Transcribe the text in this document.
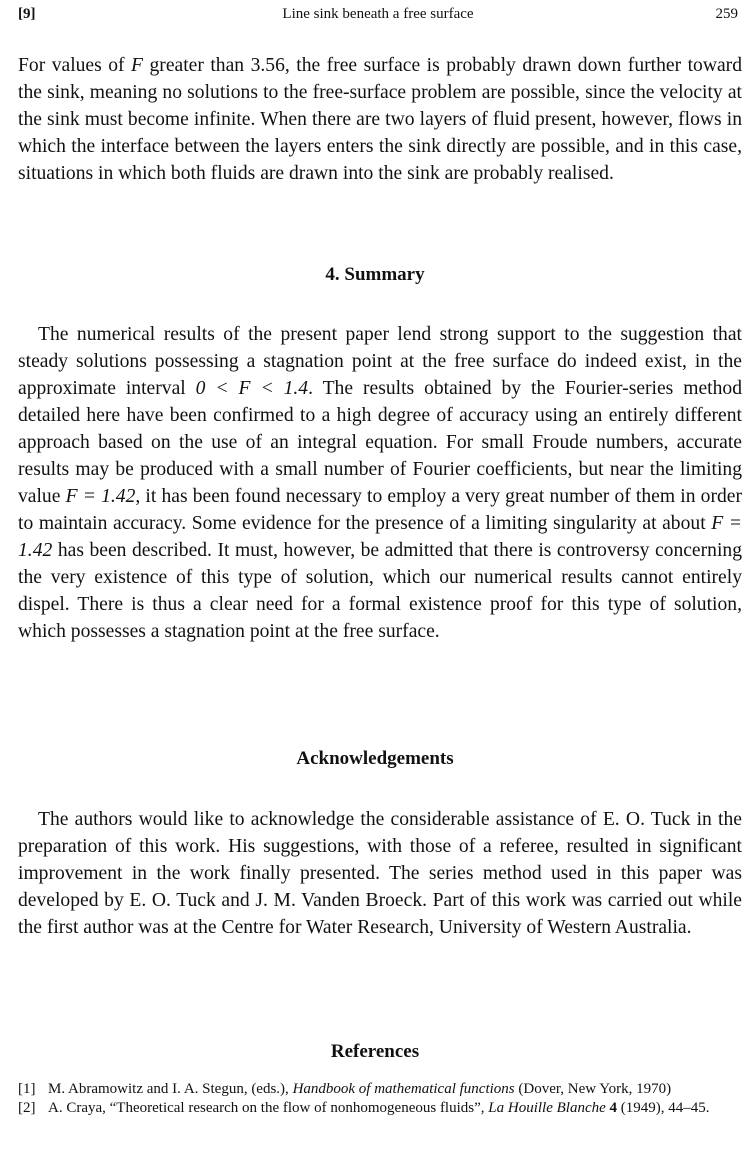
Line sink beneath a free surface
[9]	259

For values of F greater than 3.56, the free surface is probably drawn down further toward the sink, meaning no solutions to the free-surface problem are possible, since the velocity at the sink must become infinite. When there are two layers of fluid present, however, flows in which the interface between the layers enters the sink directly are possible, and in this case, situations in which both fluids are drawn into the sink are probably realised.

4. Summary

The numerical results of the present paper lend strong support to the suggestion that steady solutions possessing a stagnation point at the free surface do indeed exist, in the approximate interval 0 < F < 1.4. The results obtained by the Fourier-series method detailed here have been confirmed to a high degree of accuracy using an entirely different approach based on the use of an integral equation. For small Froude numbers, accurate results may be produced with a small number of Fourier coefficients, but near the limiting value F = 1.42, it has been found necessary to employ a very great number of them in order to maintain accuracy. Some evidence for the presence of a limiting singularity at about F = 1.42 has been described. It must, however, be admitted that there is controversy concerning the very existence of this type of solution, which our numerical results cannot entirely dispel. There is thus a clear need for a formal existence proof for this type of solution, which possesses a stagnation point at the free surface.

Acknowledgements

The authors would like to acknowledge the considerable assistance of E. O. Tuck in the preparation of this work. His suggestions, with those of a referee, resulted in significant improvement in the work finally presented. The series method used in this paper was developed by E. O. Tuck and J. M. Vanden Broeck. Part of this work was carried out while the first author was at the Centre for Water Research, University of Western Australia.

References
[1] M. Abramowitz and I. A. Stegun, (eds.), Handbook of mathematical functions (Dover, New York, 1970)
[2] A. Craya, “Theoretical research on the flow of nonhomogeneous fluids”, La Houille Blanche 4 (1949), 44–45.
